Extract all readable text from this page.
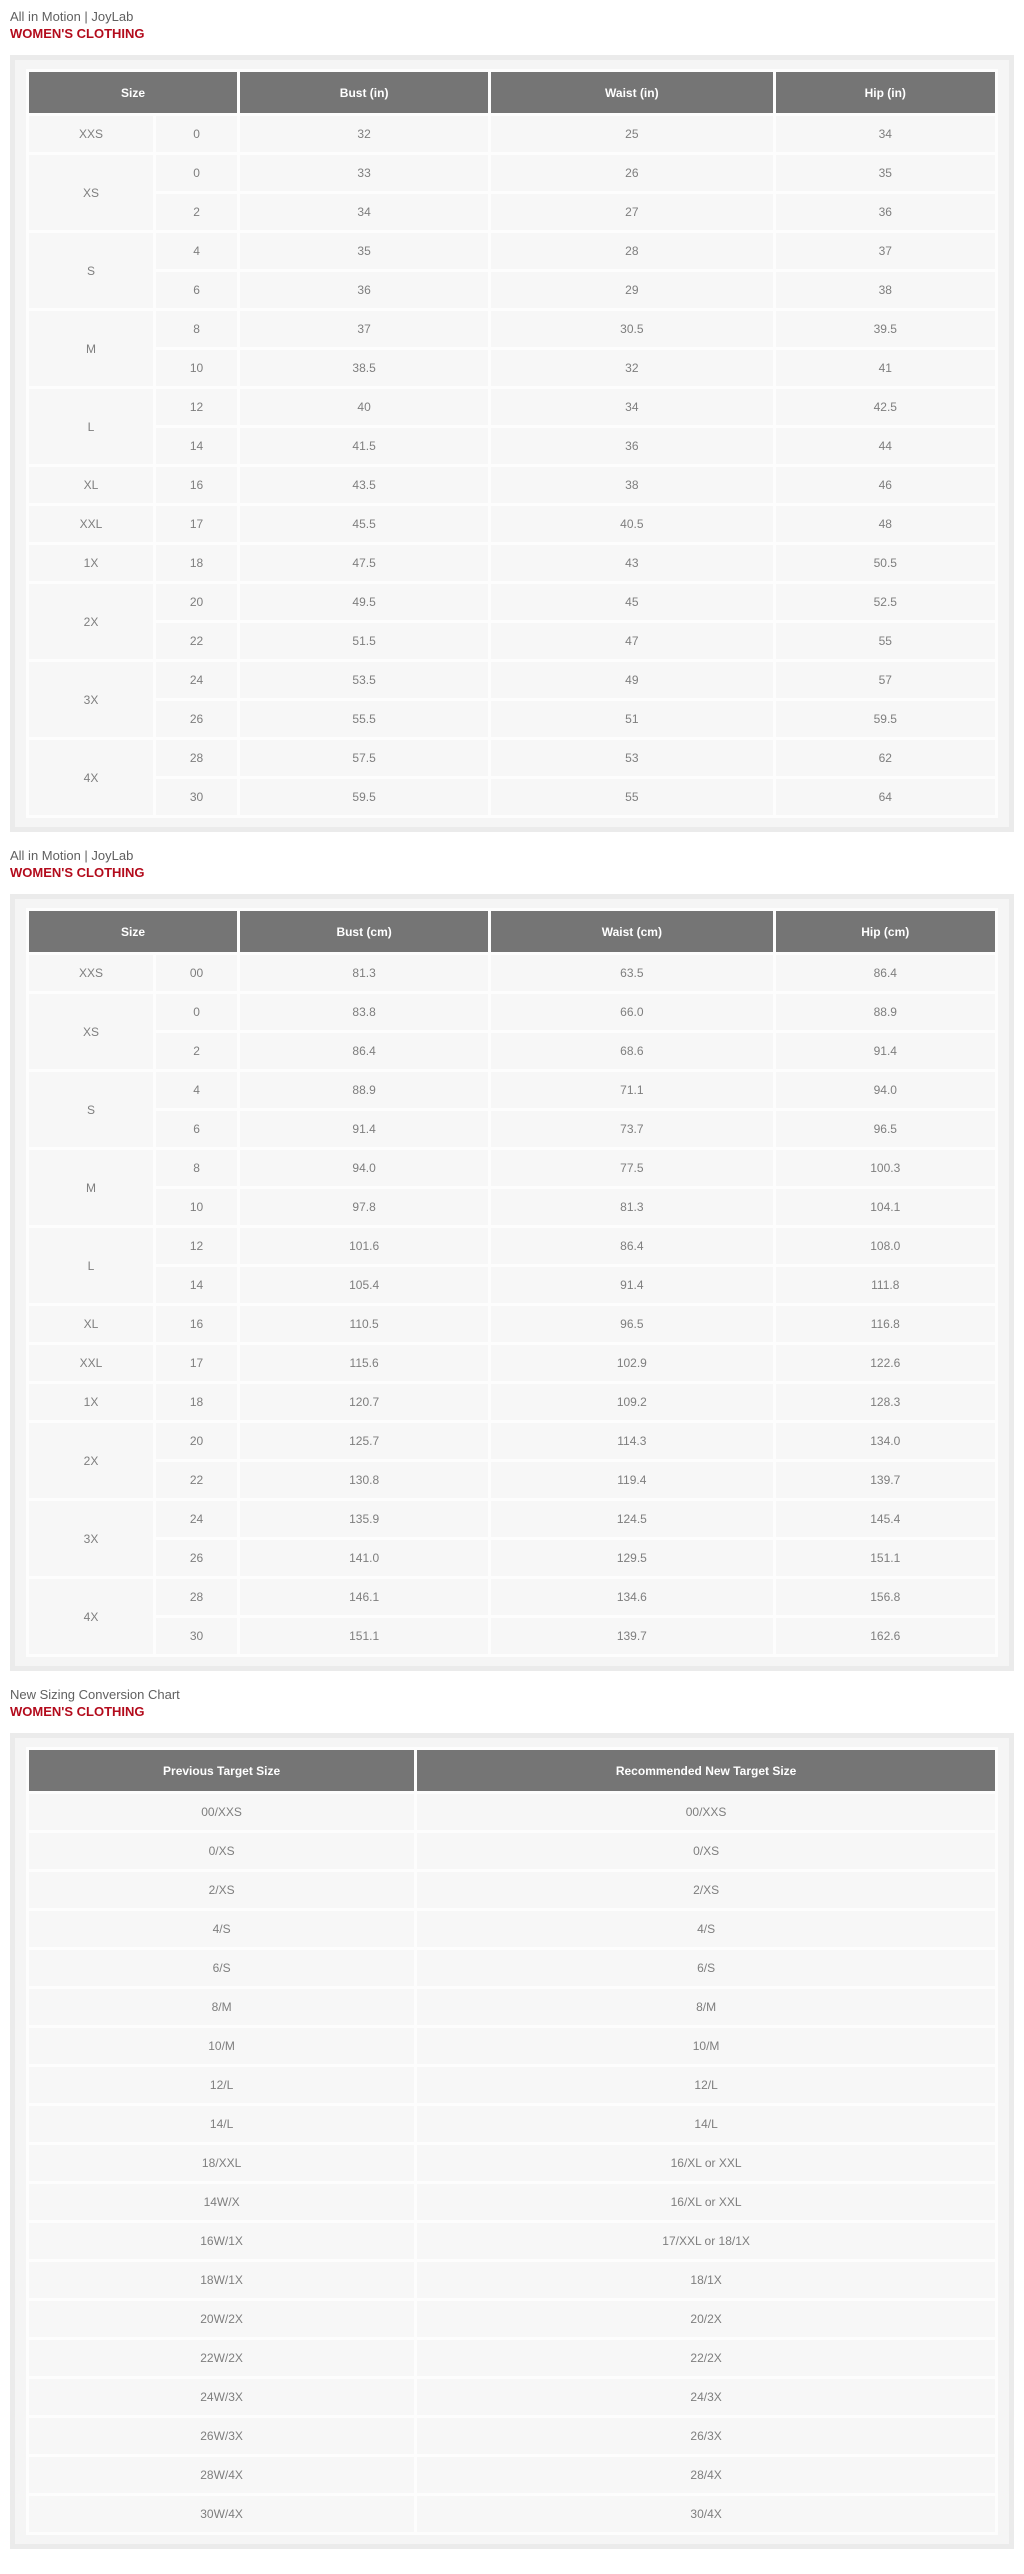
All in Motion | JoyLab
WOMEN'S CLOTHING
Size		Bust (in)	Waist (in)	Hip (in)
XXS	0	32	25	34
XS	0	33	26	35
	2	34	27	36
S	4	35	28	37
	6	36	29	38
M	8	37	30.5	39.5
	10	38.5	32	41
L	12	40	34	42.5
	14	41.5	36	44
XL	16	43.5	38	46
XXL	17	45.5	40.5	48
1X	18	47.5	43	50.5
2X	20	49.5	45	52.5
	22	51.5	47	55
3X	24	53.5	49	57
	26	55.5	51	59.5
4X	28	57.5	53	62
	30	59.5	55	64
All in Motion | JoyLab
WOMEN'S CLOTHING
Size		Bust (cm)	Waist (cm)	Hip (cm)
XXS	00	81.3	63.5	86.4
XS	0	83.8	66.0	88.9
	2	86.4	68.6	91.4
S	4	88.9	71.1	94.0
	6	91.4	73.7	96.5
M	8	94.0	77.5	100.3
	10	97.8	81.3	104.1
L	12	101.6	86.4	108.0
	14	105.4	91.4	111.8
XL	16	110.5	96.5	116.8
XXL	17	115.6	102.9	122.6
1X	18	120.7	109.2	128.3
2X	20	125.7	114.3	134.0
	22	130.8	119.4	139.7
3X	24	135.9	124.5	145.4
	26	141.0	129.5	151.1
4X	28	146.1	134.6	156.8
	30	151.1	139.7	162.6
New Sizing Conversion Chart
WOMEN'S CLOTHING
Previous Target Size	Recommended New Target Size
00/XXS	00/XXS
0/XS	0/XS
2/XS	2/XS
4/S	4/S
6/S	6/S
8/M	8/M
10/M	10/M
12/L	12/L
14/L	14/L
18/XXL	16/XL or XXL
14W/X	16/XL or XXL
16W/1X	17/XXL or 18/1X
18W/1X	18/1X
20W/2X	20/2X
22W/2X	22/2X
24W/3X	24/3X
26W/3X	26/3X
28W/4X	28/4X
30W/4X	30/4X
